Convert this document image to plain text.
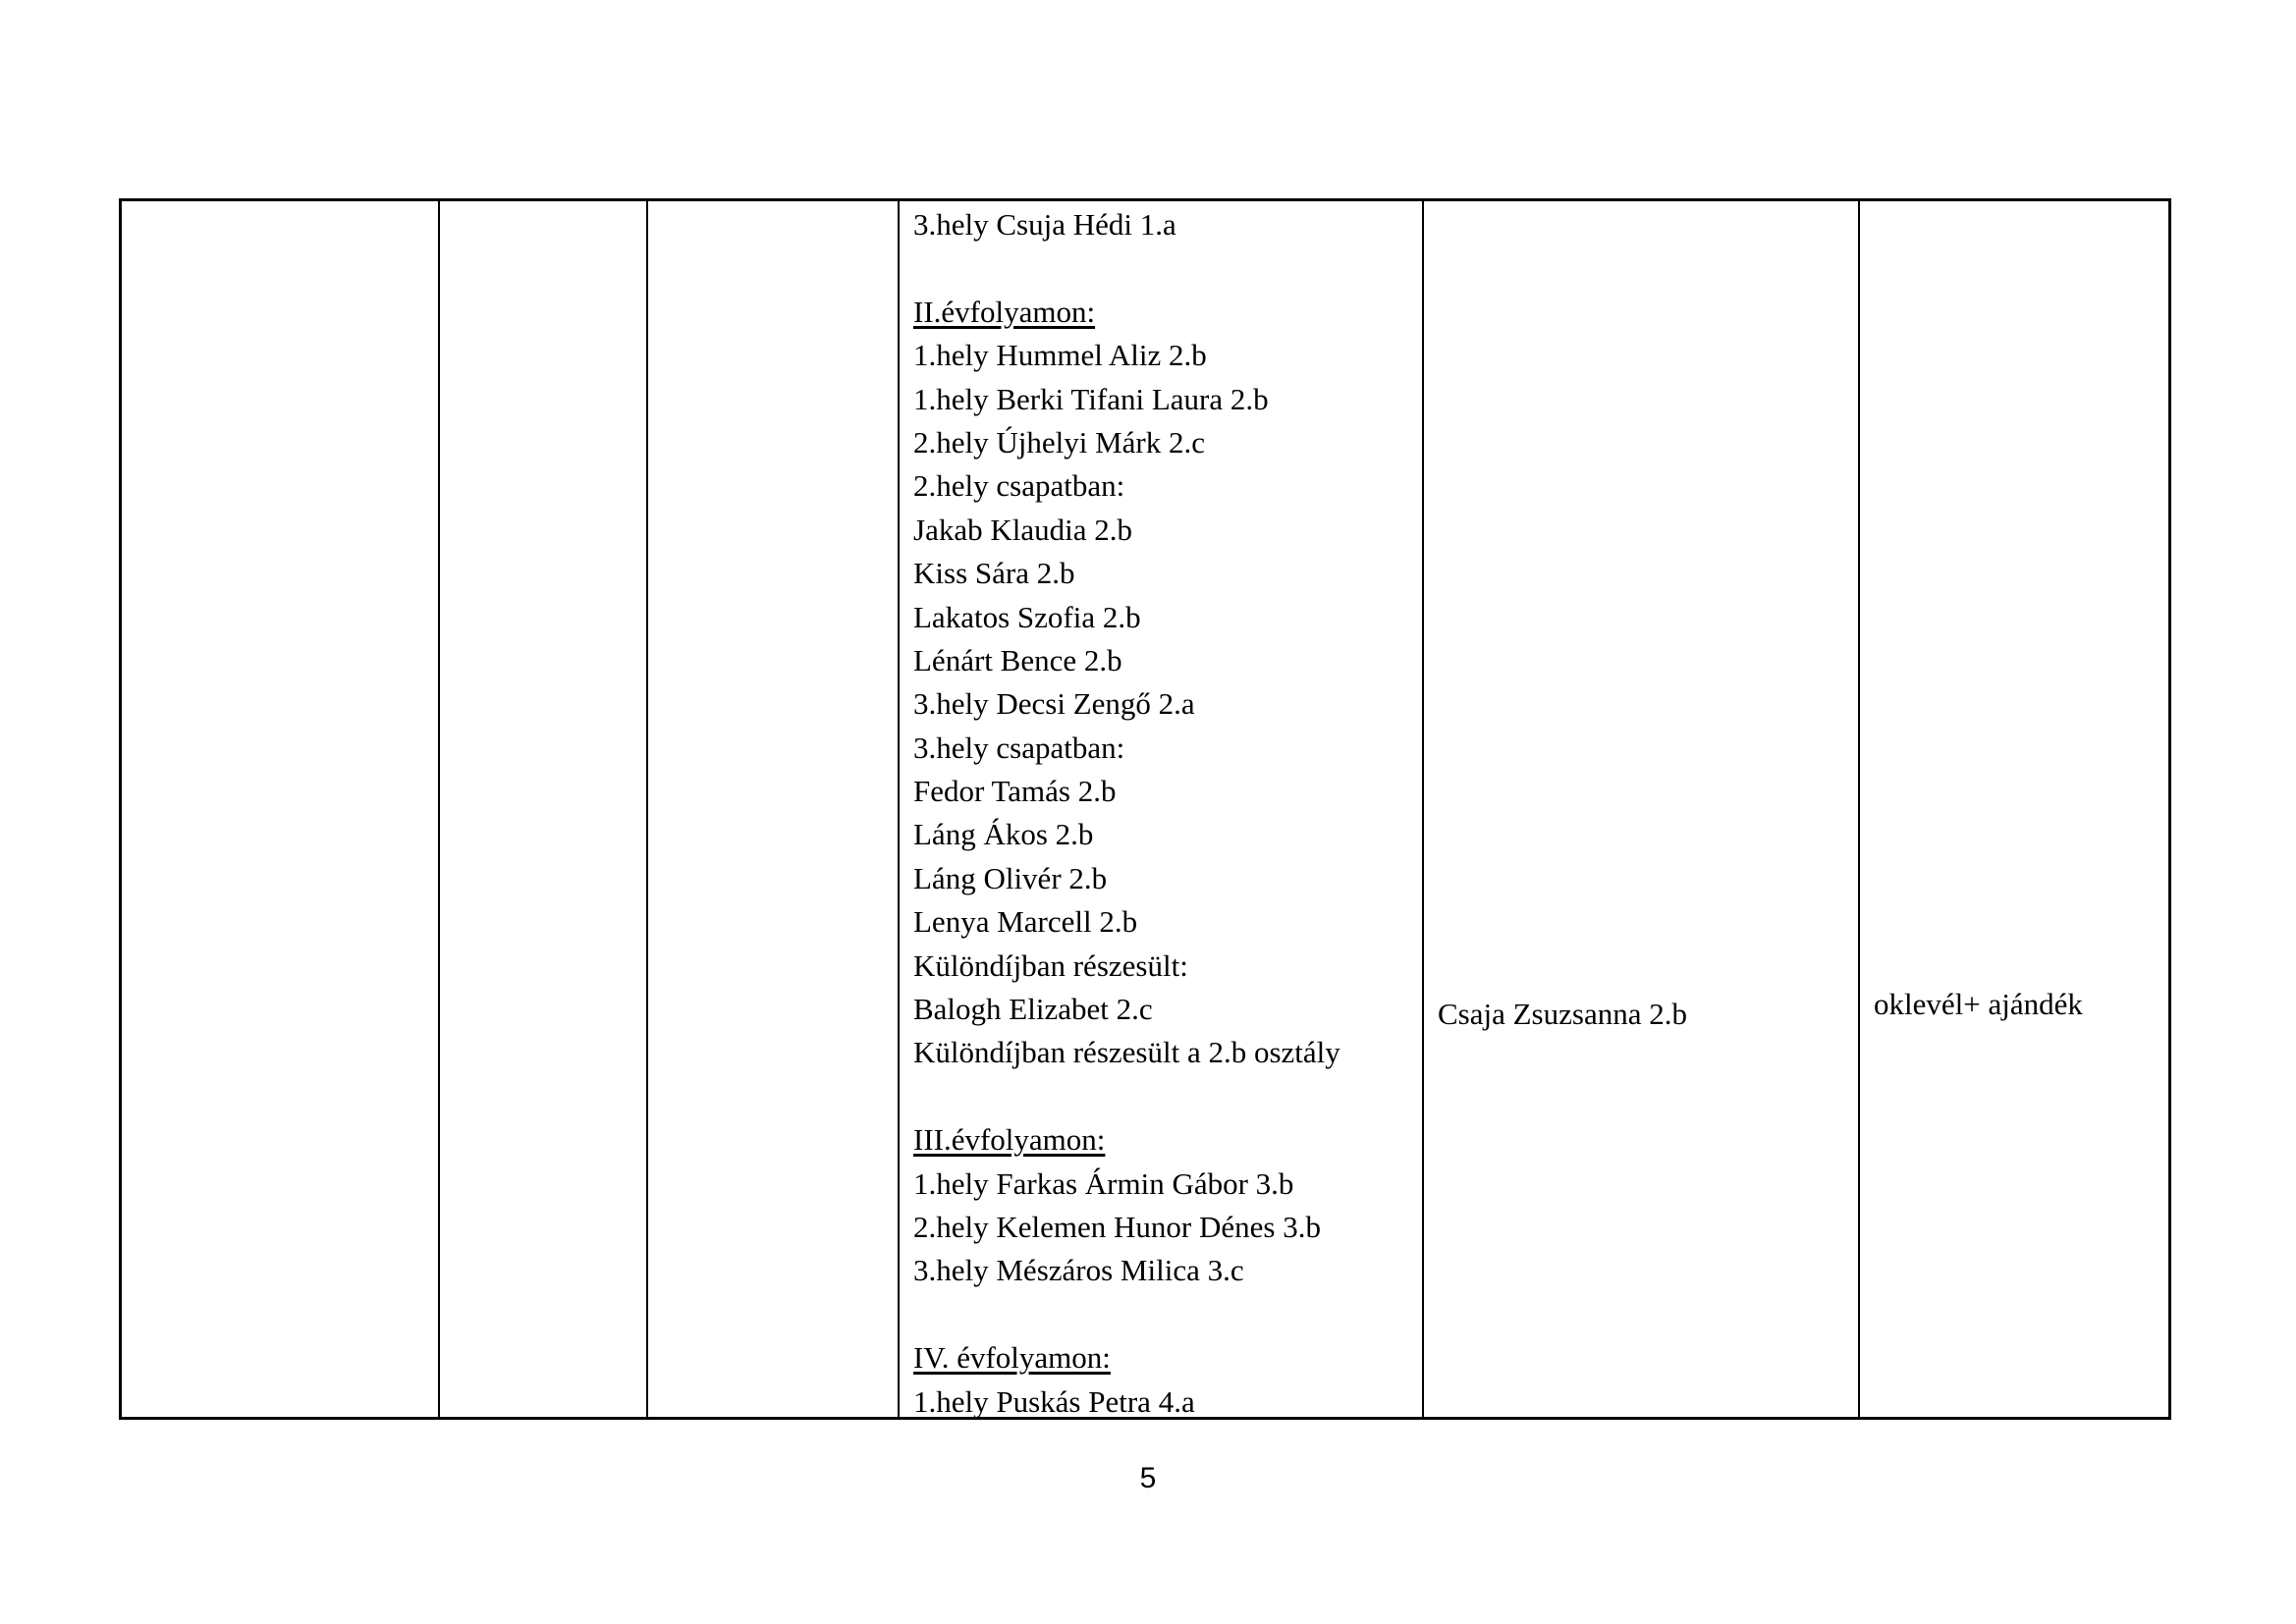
3.hely Csuja Hédi 1.a
II.évfolyamon:
1.hely Hummel Aliz 2.b
1.hely Berki Tifani Laura 2.b
2.hely Újhelyi Márk 2.c
2.hely csapatban:
Jakab Klaudia 2.b
Kiss Sára 2.b
Lakatos Szofia 2.b
Lénárt Bence 2.b
3.hely Decsi Zengő 2.a
3.hely csapatban:
Fedor Tamás 2.b
Láng Ákos 2.b
Láng Olivér 2.b
Lenya Marcell 2.b
Különdíjban részesült:
Balogh Elizabet 2.c
Különdíjban részesült a 2.b osztály
III.évfolyamon:
1.hely Farkas Ármin Gábor 3.b
2.hely Kelemen Hunor Dénes 3.b
3.hely Mészáros Milica 3.c
IV. évfolyamon:
1.hely Puskás Petra 4.a
Csaja Zsuzsanna 2.b	oklevél+ ajándék
5
